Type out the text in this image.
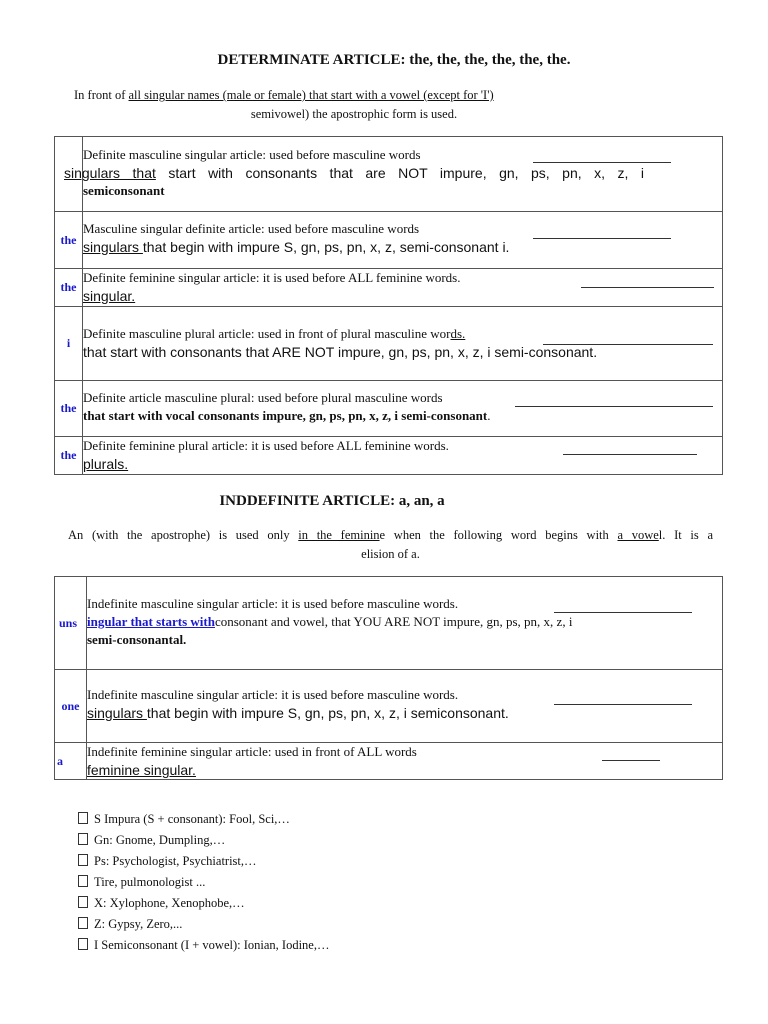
DETERMINATE ARTICLE: the, the, the, the, the, the.
In front of all singular names (male or female) that start with a vowel (except for 'I')
semivowel) the apostrophic form is used.

	Definite masculine singular article: used before masculine words
singulars that start with consonants that are NOT impure, gn, ps, pn, x, z, i
semiconsonant

the	Masculine singular definite article: used before masculine words
singulars that begin with impure S, gn, ps, pn, x, z, semi-consonant i.

the	Definite feminine singular article: it is used before ALL feminine words.
singular.

i	Definite masculine plural article: used in front of plural masculine words.
that start with consonants that ARE NOT impure, gn, ps, pn, x, z, i semi-consonant.

the	Definite article masculine plural: used before plural masculine words
that start with vocal consonants impure, gn, ps, pn, x, z, i semi-consonant.

the	Definite feminine plural article: it is used before ALL feminine words.
plurals.
INDDEFINITE ARTICLE: a, an, a
An (with the apostrophe) is used only in the feminine when the following word begins with a vowel. It is a
elision of a.
uns	Indefinite masculine singular article: it is used before masculine words.
ingular that starts withconsonant and vowel, that YOU ARE NOT impure, gn, ps, pn, x, z, i
semi-consonantal.

one	Indefinite masculine singular article: it is used before masculine words.
singulars that begin with impure S, gn, ps, pn, x, z, i semiconsonant.

a	Indefinite feminine singular article: used in front of ALL words
feminine singular.
S Impura (S + consonant): Fool, Sci,…
Gn: Gnome, Dumpling,…
Ps: Psychologist, Psychiatrist,…
Tire, pulmonologist ...
X: Xylophone, Xenophobe,…
Z: Gypsy, Zero,...
I Semiconsonant (I + vowel): Ionian, Iodine,…
